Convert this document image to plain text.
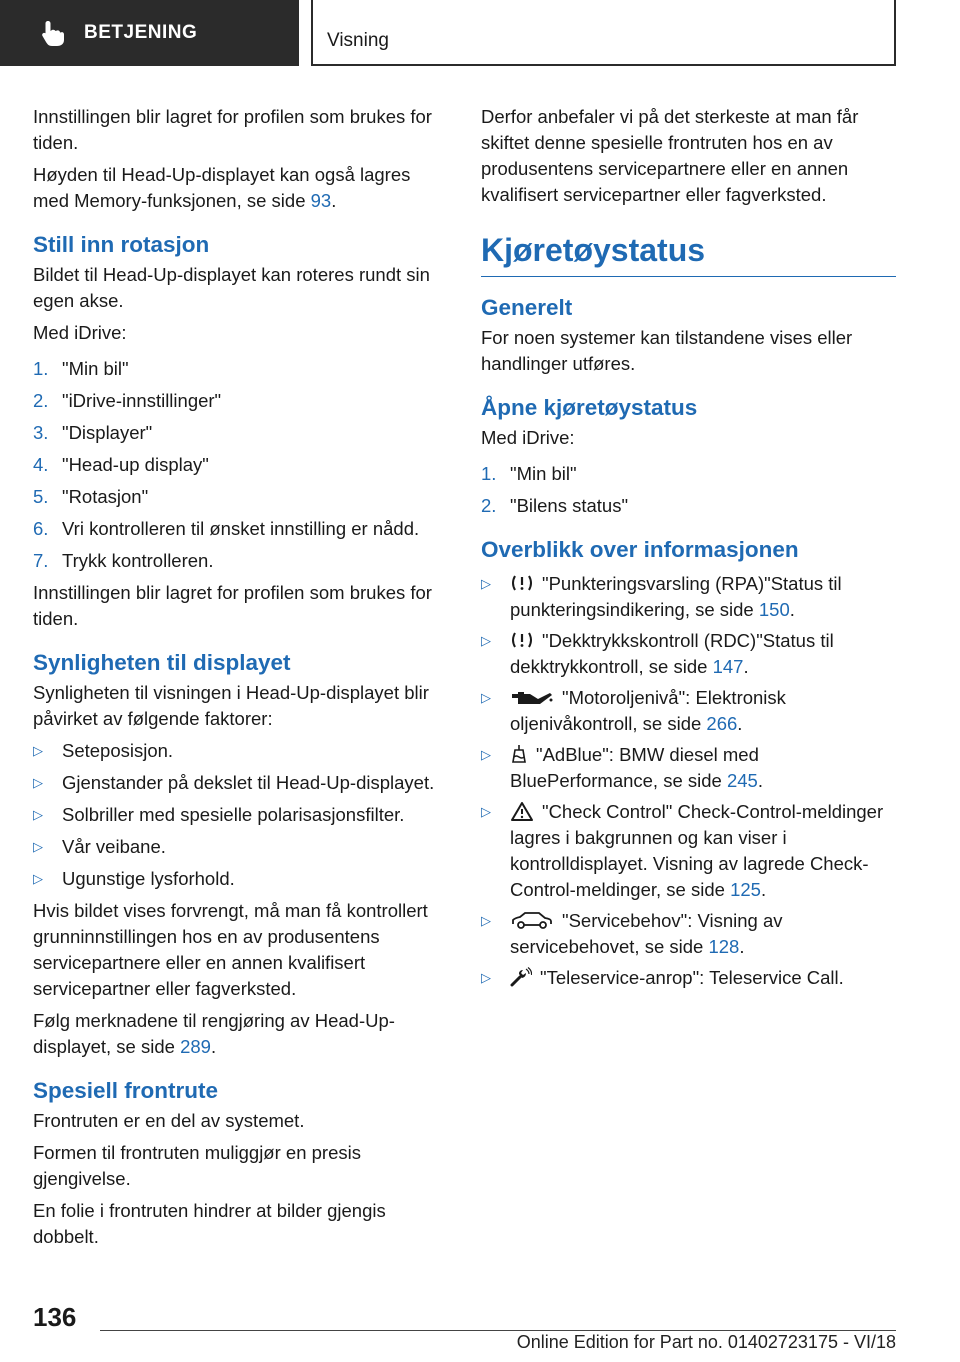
BETJENING	Visning

Innstillingen blir lagret for profilen som brukes for tiden.

Høyden til Head-Up-displayet kan også lagres med Memory-funksjonen, se side 93.

Still inn rotasjon

Bildet til Head-Up-displayet kan roteres rundt sin egen akse.

Med iDrive:

1. "Min bil"
2. "iDrive-innstillinger"
3. "Displayer"
4. "Head-up display"
5. "Rotasjon"
6. Vri kontrolleren til ønsket innstilling er nådd.
7. Trykk kontrolleren.

Innstillingen blir lagret for profilen som brukes for tiden.

Synligheten til displayet

Synligheten til visningen i Head-Up-displayet blir påvirket av følgende faktorer:

▷	Seteposisjon.
▷	Gjenstander på dekslet til Head-Up-displayet.
▷	Solbriller med spesielle polarisasjonsfilter.
▷	Vår veibane.
▷	Ugunstige lysforhold.

Hvis bildet vises forvrengt, må man få kontrollert grunninnstillingen hos en av produsentens servicepartnere eller en annen kvalifisert servicepartner eller fagverksted.

Følg merknadene til rengjøring av Head-Up-displayet, se side 289.

Spesiell frontrute

Frontruten er en del av systemet.

Formen til frontruten muliggjør en presis gjengivelse.

En folie i frontruten hindrer at bilder gjengis dobbelt.

Derfor anbefaler vi på det sterkeste at man får skiftet denne spesielle frontruten hos en av produsentens servicepartnere eller en annen kvalifisert servicepartner eller fagverksted.

Kjøretøystatus
Generelt

For noen systemer kan tilstandene vises eller handlinger utføres.

Åpne kjøretøystatus

Med iDrive:

1. "Min bil"
2. "Bilens status"
Overblikk over informasjonen
▷	"Punkteringsvarsling (RPA)"Status til punkteringsindikering, se side 150.
▷	"Dekktrykkskontroll (RDC)"Status til dekktrykkontroll, se side 147.
▷	"Motoroljenivå": Elektronisk oljenivåkontroll, se side 266.
▷	"AdBlue": BMW diesel med BluePerformance, se side 245.
▷	"Check Control" Check-Control-meldinger lagres i bakgrunnen og kan viser i kontrolldisplayet. Visning av lagrede Check-Control-meldinger, se side 125.
▷	"Servicebehov": Visning av servicebehovet, se side 128.
▷	"Teleservice-anrop": Teleservice Call.
136
Online Edition for Part no. 01402723175 - VI/18
